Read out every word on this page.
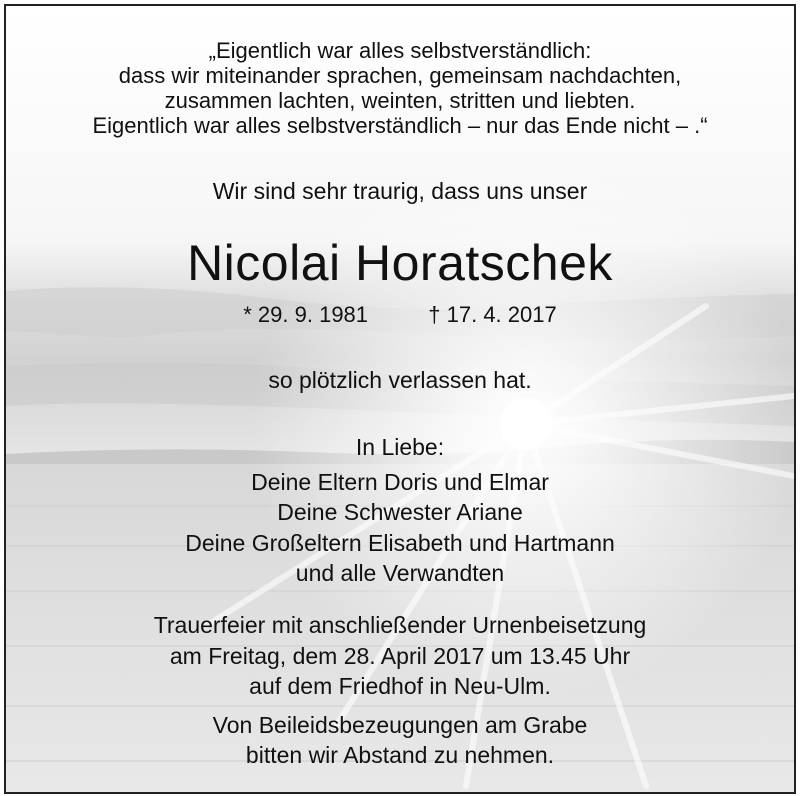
„Eigentlich war alles selbstverständlich:
dass wir miteinander sprachen, gemeinsam nachdachten,
zusammen lachten, weinten, stritten und liebten.
Eigentlich war alles selbstverständlich – nur das Ende nicht – .“
Wir sind sehr traurig, dass uns unser
Nicolai Horatschek
* 29. 9. 1981	† 17. 4. 2017
so plötzlich verlassen hat.
In Liebe:
Deine Eltern Doris und Elmar
Deine Schwester Ariane
Deine Großeltern Elisabeth und Hartmann
und alle Verwandten
Trauerfeier mit anschließender Urnenbeisetzung
am Freitag, dem 28. April 2017 um 13.45 Uhr
auf dem Friedhof in Neu-Ulm.
Von Beileidsbezeugungen am Grabe
bitten wir Abstand zu nehmen.
